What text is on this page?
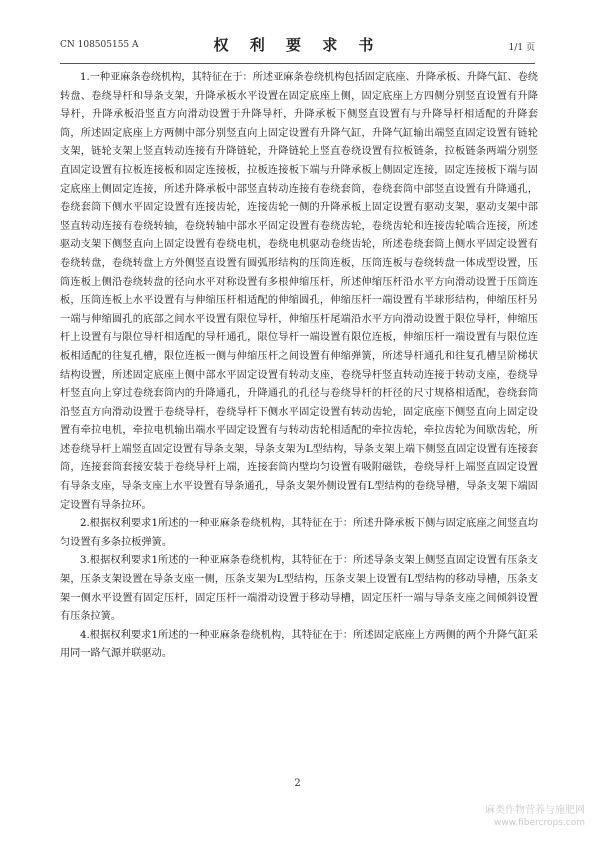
CN 108505155 A	权 利 要 求 书	1/1 页

1.一种亚麻条卷绕机构，其特征在于：所述亚麻条卷绕机构包括固定底座、升降承板、升降气缸、卷绕转盘、卷绕导杆和导条支架，升降承板水平设置在固定底座上侧，固定底座上方四侧分别竖直设置有升降导杆，升降承板沿竖直方向滑动设置于升降导杆，升降承板下侧竖直设置有与升降导杆相适配的升降套筒，所述固定底座上方两侧中部分别竖直向上固定设置有升降气缸，升降气缸输出端竖直固定设置有链轮支架，链轮支架上竖直转动连接有升降链轮，升降链轮上竖直卷绕设置有拉板链条，拉板链条两端分别竖直固定设置有拉板连接板和固定连接板，拉板连接板下端与升降承板上侧固定连接，固定连接板下端与固定底座上侧固定连接，所述升降承板中部竖直转动连接有卷绕套筒，卷绕套筒中部竖直设置有升降通孔，卷绕套筒下侧水平固定设置有连接齿轮，连接齿轮一侧的升降承板上固定设置有驱动支架，驱动支架中部竖直转动连接有卷绕转轴，卷绕转轴中部水平固定设置有卷绕齿轮，卷绕齿轮和连接齿轮啮合连接，所述驱动支架下侧竖直向上固定设置有卷绕电机，卷绕电机驱动卷绕齿轮，所述卷绕套筒上侧水平固定设置有卷绕转盘，卷绕转盘上方外侧竖直设置有圆弧形结构的压筒连板，压筒连板与卷绕转盘一体成型设置，压筒连板上侧沿卷绕转盘的径向水平对称设置有多根伸缩压杆，所述伸缩压杆沿水平方向滑动设置于压筒连板，压筒连板上水平设置有与伸缩压杆相适配的伸缩圆孔，伸缩压杆一端设置有半球形结构，伸缩压杆另一端与伸缩圆孔的底部之间水平设置有限位导杆，伸缩压杆尾端沿水平方向滑动设置于限位导杆，伸缩压杆上设置有与限位导杆相适配的导杆通孔，限位导杆一端设置有限位连板，伸缩压杆一端设置有与限位连板相适配的往复孔槽，限位连板一侧与伸缩压杆之间设置有伸缩弹簧，所述导杆通孔和往复孔槽呈阶梯状结构设置，所述固定底座上侧中部水平固定设置有转动支座，卷绕导杆竖直转动连接于转动支座，卷绕导杆竖直向上穿过卷绕套筒内的升降通孔，升降通孔的孔径与卷绕导杆的杆径的尺寸规格相适配，卷绕套筒沿竖直方向滑动设置于卷绕导杆，卷绕导杆下侧水平固定设置有转动齿轮，固定底座下侧竖直向上固定设置有牵拉电机，牵拉电机输出端水平固定设置有与转动齿轮相适配的牵拉齿轮，牵拉齿轮为间歇齿轮，所述卷绕导杆上端竖直固定设置有导条支架，导条支架为L型结构，导条支架上端下侧竖直固定设置有连接套筒，连接套筒套接安装于卷绕导杆上端，连接套筒内壁均匀设置有吸附磁铁，卷绕导杆上端竖直固定设置有导条支座，导条支座上水平设置有导条通孔，导条支架外侧设置有L型结构的卷绕导槽，导条支架下端固定设置有导条拉环。

2.根据权利要求1所述的一种亚麻条卷绕机构，其特征在于：所述升降承板下侧与固定底座之间竖直均匀设置有多条拉板弹簧。

3.根据权利要求1所述的一种亚麻条卷绕机构，其特征在于：所述导条支架上侧竖直固定设置有压条支架，压条支架设置在导条支座一侧，压条支架为L型结构，压条支架上设置有L型结构的移动导槽，压条支架一侧水平设置有固定压杆，固定压杆一端滑动设置于移动导槽，固定压杆一端与导条支座之间倾斜设置有压条拉簧。

4.根据权利要求1所述的一种亚麻条卷绕机构，其特征在于：所述固定底座上方两侧的两个升降气缸采用同一路气源并联驱动。

2
麻类作物营养与施肥网
www.fibercrops.com
